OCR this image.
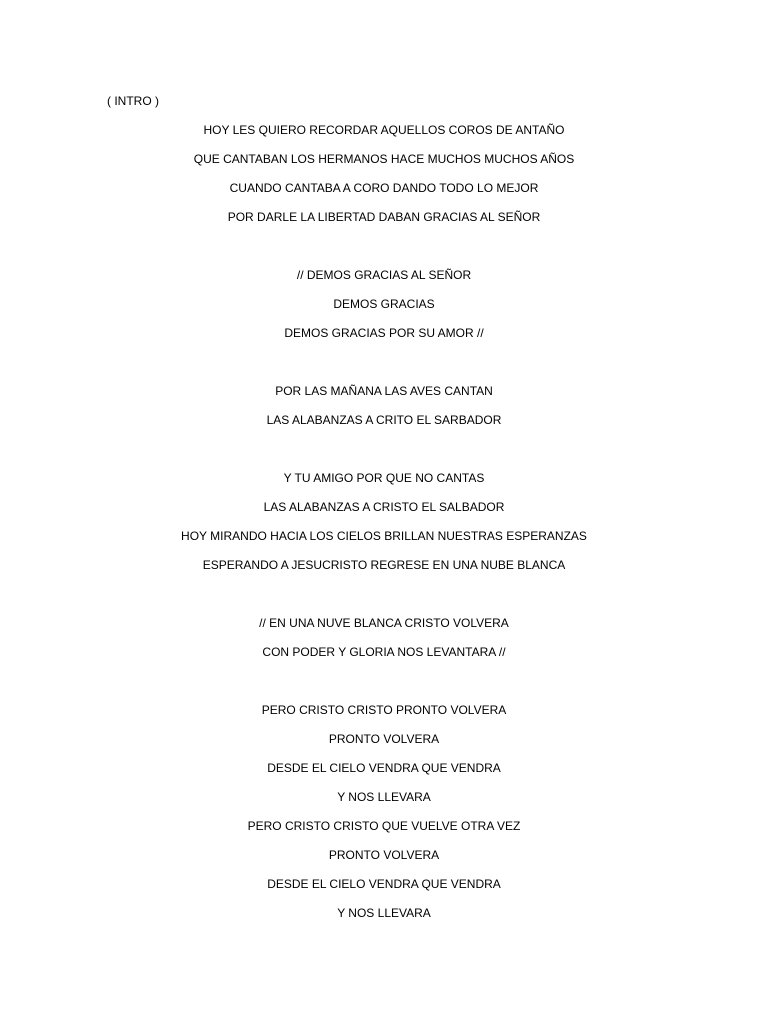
( INTRO )
HOY LES QUIERO RECORDAR AQUELLOS COROS DE ANTAÑO
QUE CANTABAN LOS HERMANOS HACE MUCHOS MUCHOS AÑOS
CUANDO CANTABA A CORO DANDO TODO LO MEJOR
POR DARLE LA LIBERTAD DABAN GRACIAS AL SEÑOR
// DEMOS GRACIAS AL SEÑOR
DEMOS GRACIAS
DEMOS GRACIAS POR SU AMOR //
POR LAS MAÑANA LAS AVES CANTAN
LAS ALABANZAS A CRITO EL SARBADOR
Y TU AMIGO POR QUE NO CANTAS
LAS ALABANZAS A CRISTO EL SALBADOR
HOY MIRANDO HACIA LOS CIELOS BRILLAN NUESTRAS ESPERANZAS
ESPERANDO A JESUCRISTO REGRESE EN UNA NUBE BLANCA
// EN UNA NUVE BLANCA CRISTO VOLVERA
CON PODER Y GLORIA NOS LEVANTARA //
PERO CRISTO CRISTO PRONTO VOLVERA
PRONTO VOLVERA
DESDE EL CIELO VENDRA QUE VENDRA
Y NOS LLEVARA
PERO CRISTO CRISTO QUE VUELVE OTRA VEZ
PRONTO VOLVERA
DESDE EL CIELO VENDRA QUE VENDRA
Y NOS LLEVARA
